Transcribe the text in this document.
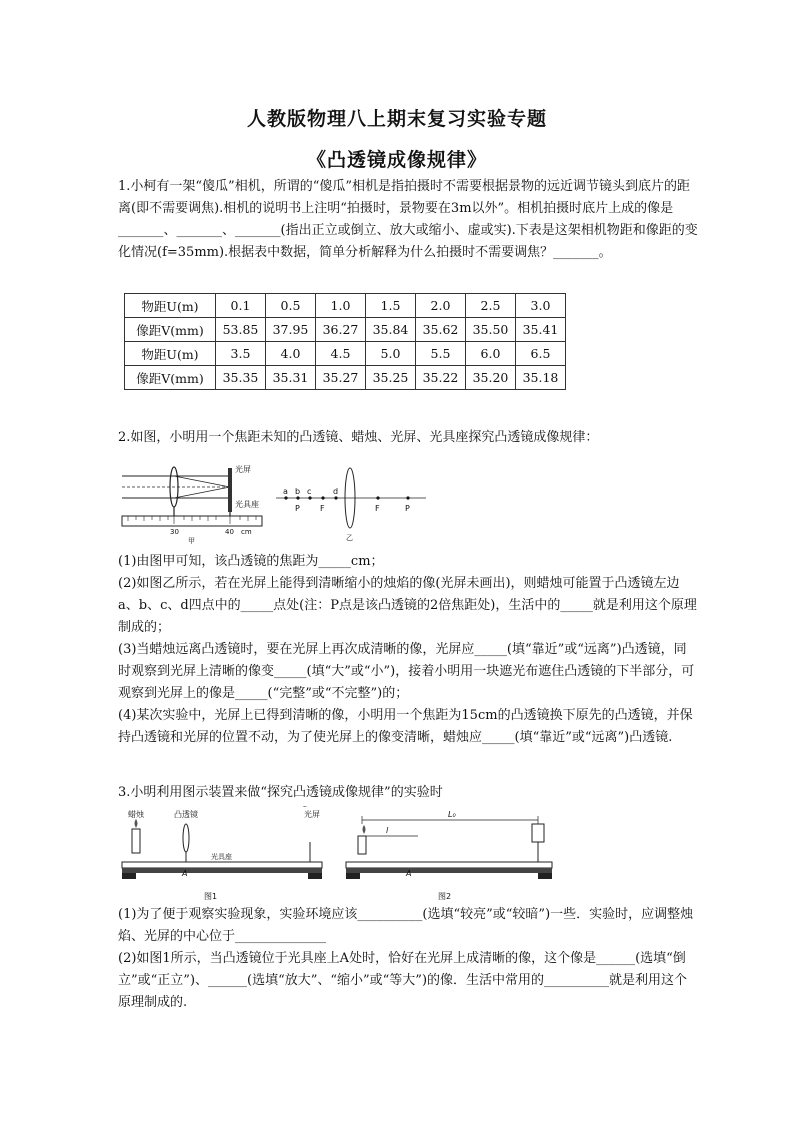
人教版物理八上期末复习实验专题
《凸透镜成像规律》

1.小柯有一架“傻瓜”相机，所谓的“傻瓜”相机是指拍摄时不需要根据景物的远近调节镜头到底片的距离(即不需要调焦).相机的说明书上注明“拍摄时，景物要在3m以外”。相机拍摄时底片上成的像是_______、_______、_______(指出正立或倒立、放大或缩小、虚或实).下表是这架相机物距和像距的变化情况(f=35mm).根据表中数据，简单分析解释为什么拍摄时不需要调焦？_______。

物距U(m)	0.1	0.5	1.0	1.5	2.0	2.5	3.0
像距V(mm)	53.85	37.95	36.27	35.84	35.62	35.50	35.41
物距U(m)	3.5	4.0	4.5	5.0	5.5	6.0	6.5
像距V(mm)	35.35	35.31	35.27	35.25	35.22	35.20	35.18

2.如图，小明用一个焦距未知的凸透镜、蜡烛、光屏、光具座探究凸透镜成像规律：

光屏
光具座
30	40 cm
甲
a b c	d
P	F	F	P
乙

(1)由图甲可知，该凸透镜的焦距为_____cm；

(2)如图乙所示，若在光屏上能得到清晰缩小的烛焰的像(光屏未画出)，则蜡烛可能置于凸透镜左边a、b、c、d四点中的_____点处(注：P点是该凸透镜的2倍焦距处)，生活中的_____就是利用这个原理制成的；

(3)当蜡烛远离凸透镜时，要在光屏上再次成清晰的像，光屏应_____(填“靠近”或“远离”)凸透镜，同时观察到光屏上清晰的像变_____(填“大”或“小”)，接着小明用一块遮光布遮住凸透镜的下半部分，可观察到光屏上的像是_____(“完整”或“不完整”)的；

(4)某次实验中，光屏上已得到清晰的像，小明用一个焦距为15cm的凸透镜换下原先的凸透镜，并保持凸透镜和光屏的位置不动，为了使光屏上的像变清晰，蜡烛应_____(填“靠近”或“远离”)凸透镜.

3.小明利用图示装置来做“探究凸透镜成像规律”的实验时

蜡烛	凸透镜	光屏
光具座
A
图1
L₀
l
A
图2

(1)为了便于观察实验现象，实验环境应该__________(选填“较亮”或“较暗”)一些．实验时，应调整烛焰、光屏的中心位于______________

(2)如图1所示，当凸透镜位于光具座上A处时，恰好在光屏上成清晰的像，这个像是______(选填“倒立”或“正立”)、______(选填“放大”、“缩小”或“等大”)的像．生活中常用的__________就是利用这个原理制成的.
